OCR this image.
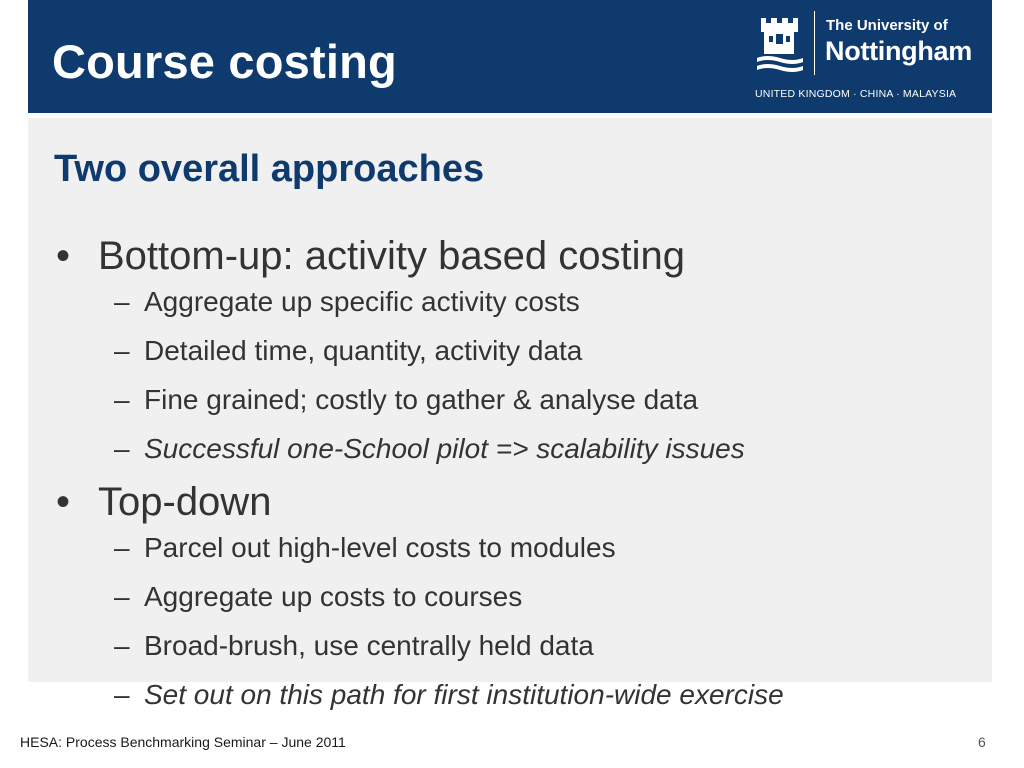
Course costing
The University of
Nottingham
UNITED KINGDOM · CHINA · MALAYSIA
Two overall approaches
• Bottom-up: activity based costing
– Aggregate up specific activity costs
– Detailed time, quantity, activity data
– Fine grained; costly to gather & analyse data
– Successful one-School pilot => scalability issues
• Top-down
– Parcel out high-level costs to modules
– Aggregate up costs to courses
– Broad-brush, use centrally held data
– Set out on this path for first institution-wide exercise
HESA: Process Benchmarking Seminar – June 2011	6
